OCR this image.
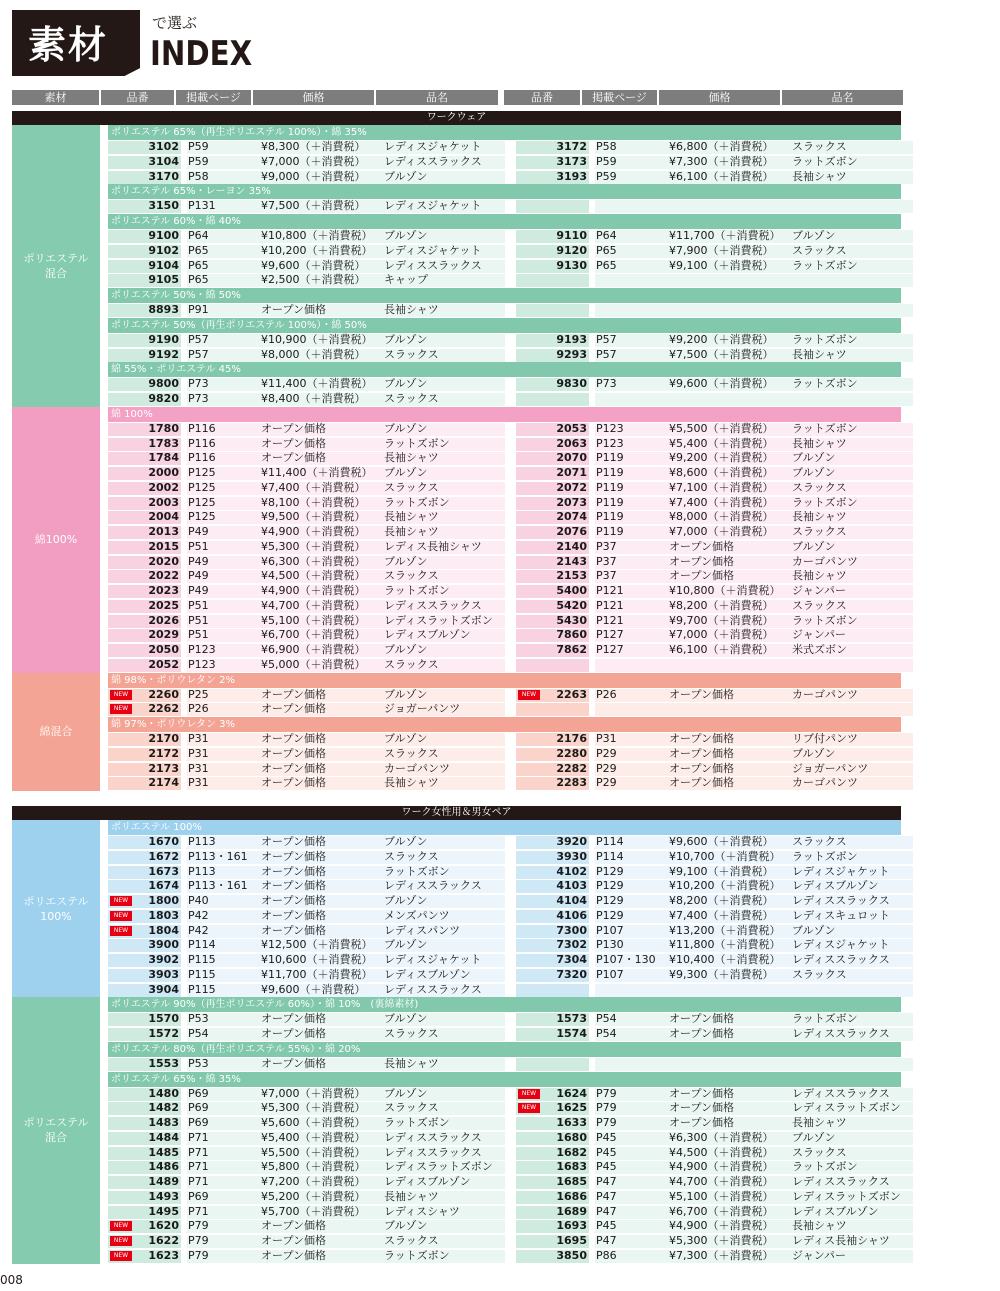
素材	で選ぶ
INDEX
素材	品番	掲載ページ	価格	品名	品番	掲載ページ	価格	品名
ワークウェア
ポリエステル
混合
ポリエステル 65%（再生ポリエステル 100%）・綿 35%
3102 P59	¥8,300（＋消費税）	レディスジャケット	3172 P58	¥6,800（＋消費税）	スラックス
3104 P59	¥7,000（＋消費税）	レディススラックス	3173 P59	¥7,300（＋消費税）	ラットズボン
3170 P58	¥9,000（＋消費税）	ブルゾン	3193 P59	¥6,100（＋消費税）	長袖シャツ
ポリエステル 65%・レーヨン 35%
3150 P131	¥7,500（＋消費税）	レディスジャケット
ポリエステル 60%・綿 40%
9100 P64	¥10,800（＋消費税）	ブルゾン	9110 P64	¥11,700（＋消費税）	ブルゾン
9102 P65	¥10,200（＋消費税）	レディスジャケット	9120 P65	¥7,900（＋消費税）	スラックス
9104 P65	¥9,600（＋消費税）	レディススラックス	9130 P65	¥9,100（＋消費税）	ラットズボン
9105 P65	¥2,500（＋消費税）	キャップ
ポリエステル 50%・綿 50%
8893 P91	オープン価格	長袖シャツ
ポリエステル 50%（再生ポリエステル 100%）・綿 50%
9190 P57	¥10,900（＋消費税）	ブルゾン	9193 P57	¥9,200（＋消費税）	ラットズボン
9192 P57	¥8,000（＋消費税）	スラックス	9293 P57	¥7,500（＋消費税）	長袖シャツ
綿 55%・ポリエステル 45%
9800 P73	¥11,400（＋消費税）	ブルゾン	9830 P73	¥9,600（＋消費税）	ラットズボン
9820 P73	¥8,400（＋消費税）	スラックス
綿100%
綿 100%
1780 P116	オープン価格	ブルゾン	2053 P123	¥5,500（＋消費税）	ラットズボン
1783 P116	オープン価格	ラットズボン	2063 P123	¥5,400（＋消費税）	長袖シャツ
1784 P116	オープン価格	長袖シャツ	2070 P119	¥9,200（＋消費税）	ブルゾン
2000 P125	¥11,400（＋消費税）	ブルゾン	2071 P119	¥8,600（＋消費税）	ブルゾン
2002 P125	¥7,400（＋消費税）	スラックス	2072 P119	¥7,100（＋消費税）	スラックス
2003 P125	¥8,100（＋消費税）	ラットズボン	2073 P119	¥7,400（＋消費税）	ラットズボン
2004 P125	¥9,500（＋消費税）	長袖シャツ	2074 P119	¥8,000（＋消費税）	長袖シャツ
2013 P49	¥4,900（＋消費税）	長袖シャツ	2076 P119	¥7,000（＋消費税）	スラックス
2015 P51	¥5,300（＋消費税）	レディス長袖シャツ	2140 P37	オープン価格	ブルゾン
2020 P49	¥6,300（＋消費税）	ブルゾン	2143 P37	オープン価格	カーゴパンツ
2022 P49	¥4,500（＋消費税）	スラックス	2153 P37	オープン価格	長袖シャツ
2023 P49	¥4,900（＋消費税）	ラットズボン	5400 P121	¥10,800（＋消費税）	ジャンパー
2025 P51	¥4,700（＋消費税）	レディススラックス	5420 P121	¥8,200（＋消費税）	スラックス
2026 P51	¥5,100（＋消費税）	レディスラットズボン	5430 P121	¥9,700（＋消費税）	ラットズボン
2029 P51	¥6,700（＋消費税）	レディスブルゾン	7860 P127	¥7,000（＋消費税）	ジャンパー
2050 P123	¥6,900（＋消費税）	ブルゾン	7862 P127	¥6,100（＋消費税）	米式ズボン
2052 P123	¥5,000（＋消費税）	スラックス
綿混合
綿 98%・ポリウレタン 2%
NEW	2260 P25	オープン価格	ブルゾン	NEW	2263 P26	オープン価格	カーゴパンツ
NEW	2262 P26	オープン価格	ジョガーパンツ
綿 97%・ポリウレタン 3%
2170 P31	オープン価格	ブルゾン	2176 P31	オープン価格	リブ付パンツ
2172 P31	オープン価格	スラックス	2280 P29	オープン価格	ブルゾン
2173 P31	オープン価格	カーゴパンツ	2282 P29	オープン価格	ジョガーパンツ
2174 P31	オープン価格	長袖シャツ	2283 P29	オープン価格	カーゴパンツ
ワーク女性用＆男女ペア
ポリエステル
100%
ポリエステル 100%
1670 P113	オープン価格	ブルゾン	3920 P114	¥9,600（＋消費税）	スラックス
1672 P113・161	オープン価格	スラックス	3930 P114	¥10,700（＋消費税）	ラットズボン
1673 P113	オープン価格	ラットズボン	4102 P129	¥9,100（＋消費税）	レディスジャケット
1674 P113・161	オープン価格	レディススラックス	4103 P129	¥10,200（＋消費税）	レディスブルゾン
NEW	1800 P40	オープン価格	ブルゾン	4104 P129	¥8,200（＋消費税）	レディススラックス
NEW	1803 P42	オープン価格	メンズパンツ	4106 P129	¥7,400（＋消費税）	レディスキュロット
NEW	1804 P42	オープン価格	レディスパンツ	7300 P107	¥13,200（＋消費税）	ブルゾン
3900 P114	¥12,500（＋消費税）	ブルゾン	7302 P130	¥11,800（＋消費税）	レディスジャケット
3902 P115	¥10,600（＋消費税）	レディスジャケット	7304 P107・130	¥10,400（＋消費税）	レディススラックス
3903 P115	¥11,700（＋消費税）	レディスブルゾン	7320 P107	¥9,300（＋消費税）	スラックス
3904 P115	¥9,600（＋消費税）	レディススラックス
ポリエステル
混合
ポリエステル 90%（再生ポリエステル 60%）・綿 10%　(裏綿素材)
1570 P53	オープン価格	ブルゾン	1573 P54	オープン価格	ラットズボン
1572 P54	オープン価格	スラックス	1574 P54	オープン価格	レディススラックス
ポリエステル 80%（再生ポリエステル 55%）・綿 20%
1553 P53	オープン価格	長袖シャツ
ポリエステル 65%・綿 35%
1480 P69	¥7,000（＋消費税）	ブルゾン	NEW	1624 P79	オープン価格	レディススラックス
1482 P69	¥5,300（＋消費税）	スラックス	NEW	1625 P79	オープン価格	レディスラットズボン
1483 P69	¥5,600（＋消費税）	ラットズボン	1633 P79	オープン価格	長袖シャツ
1484 P71	¥5,400（＋消費税）	レディススラックス	1680 P45	¥6,300（＋消費税）	ブルゾン
1485 P71	¥5,500（＋消費税）	レディススラックス	1682 P45	¥4,500（＋消費税）	スラックス
1486 P71	¥5,800（＋消費税）	レディスラットズボン	1683 P45	¥4,900（＋消費税）	ラットズボン
1489 P71	¥7,200（＋消費税）	レディスブルゾン	1685 P47	¥4,700（＋消費税）	レディススラックス
1493 P69	¥5,200（＋消費税）	長袖シャツ	1686 P47	¥5,100（＋消費税）	レディスラットズボン
1495 P71	¥5,700（＋消費税）	レディスシャツ	1689 P47	¥6,700（＋消費税）	レディスブルゾン
NEW	1620 P79	オープン価格	ブルゾン	1693 P45	¥4,900（＋消費税）	長袖シャツ
NEW	1622 P79	オープン価格	スラックス	1695 P47	¥5,300（＋消費税）	レディス長袖シャツ
NEW	1623 P79	オープン価格	ラットズボン	3850 P86	¥7,300（＋消費税）	ジャンパー
008
